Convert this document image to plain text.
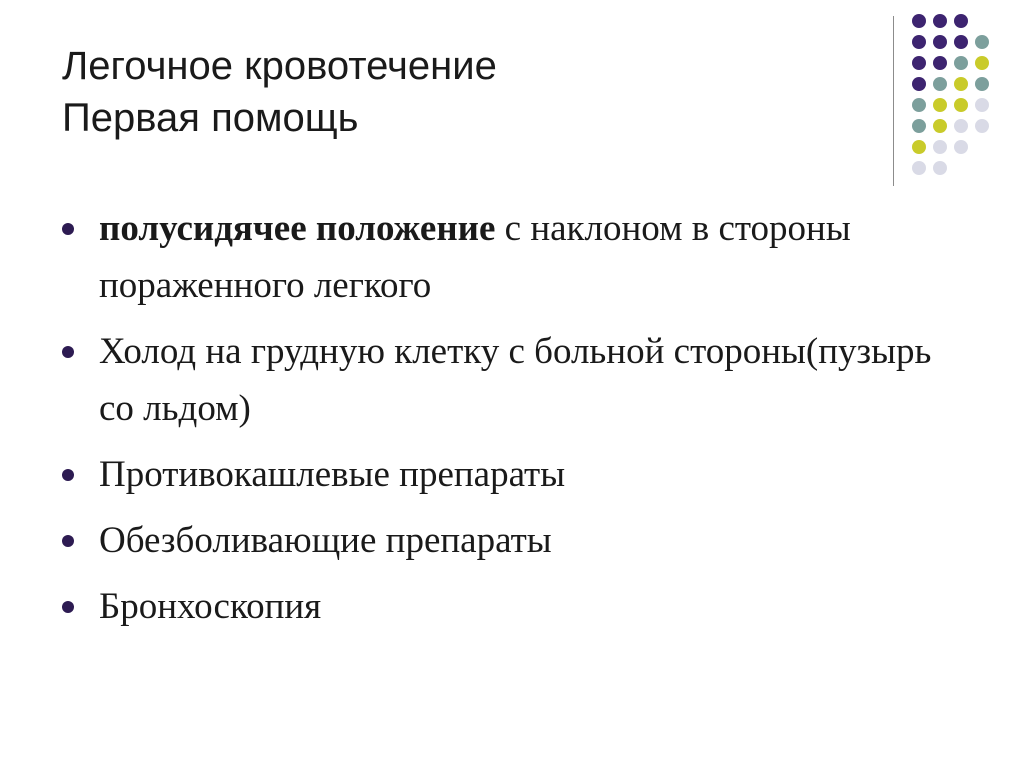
Легочное кровотечение
Первая помощь
полусидячее положение с наклоном в стороны пораженного легкого
Холод на грудную клетку с больной стороны(пузырь со льдом)
Противокашлевые препараты
Обезболивающие препараты
Бронхоскопия
